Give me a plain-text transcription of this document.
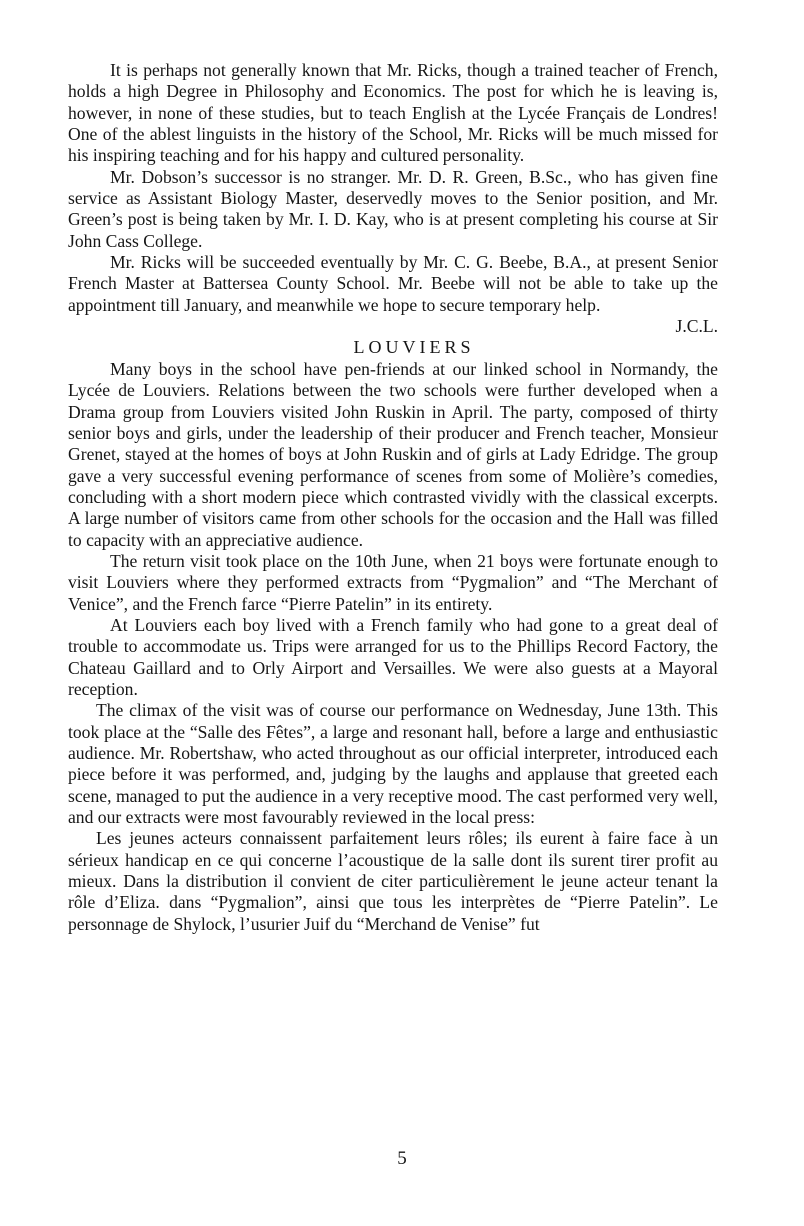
It is perhaps not generally known that Mr. Ricks, though a trained teacher of French, holds a high Degree in Philosophy and Economics. The post for which he is leaving is, however, in none of these studies, but to teach English at the Lycée Français de Londres! One of the ablest linguists in the history of the School, Mr. Ricks will be much missed for his inspiring teaching and for his happy and cultured personality.

Mr. Dobson’s successor is no stranger. Mr. D. R. Green, B.Sc., who has given fine service as Assistant Biology Master, deservedly moves to the Senior position, and Mr. Green’s post is being taken by Mr. I. D. Kay, who is at present completing his course at Sir John Cass College.

Mr. Ricks will be succeeded eventually by Mr. C. G. Beebe, B.A., at present Senior French Master at Battersea County School. Mr. Beebe will not be able to take up the appointment till January, and meanwhile we hope to secure temporary help.

J.C.L.

LOUVIERS

Many boys in the school have pen-friends at our linked school in Normandy, the Lycée de Louviers. Relations between the two schools were further developed when a Drama group from Louviers visited John Ruskin in April. The party, composed of thirty senior boys and girls, under the leadership of their producer and French teacher, Monsieur Grenet, stayed at the homes of boys at John Ruskin and of girls at Lady Edridge. The group gave a very successful evening performance of scenes from some of Molière’s comedies, concluding with a short modern piece which contrasted vividly with the classical excerpts. A large number of visitors came from other schools for the occasion and the Hall was filled to capacity with an appreciative audience.

The return visit took place on the 10th June, when 21 boys were fortunate enough to visit Louviers where they performed extracts from “Pygmalion” and “The Merchant of Venice”, and the French farce “Pierre Patelin” in its entirety.

At Louviers each boy lived with a French family who had gone to a great deal of trouble to accommodate us. Trips were arranged for us to the Phillips Record Factory, the Chateau Gaillard and to Orly Airport and Versailles. We were also guests at a Mayoral reception.

The climax of the visit was of course our performance on Wednesday, June 13th. This took place at the “Salle des Fêtes”, a large and resonant hall, before a large and enthusiastic audience. Mr. Robertshaw, who acted throughout as our official interpreter, introduced each piece before it was performed, and, judging by the laughs and applause that greeted each scene, managed to put the audience in a very receptive mood. The cast performed very well, and our extracts were most favourably reviewed in the local press:

Les jeunes acteurs connaissent parfaitement leurs rôles; ils eurent à faire face à un sérieux handicap en ce qui concerne l’acoustique de la salle dont ils surent tirer profit au mieux. Dans la distribution il convient de citer particulièrement le jeune acteur tenant la rôle d’Eliza. dans “Pygmalion”, ainsi que tous les interprètes de “Pierre Patelin”. Le personnage de Shylock, l’usurier Juif du “Merchand de Venise” fut

5
